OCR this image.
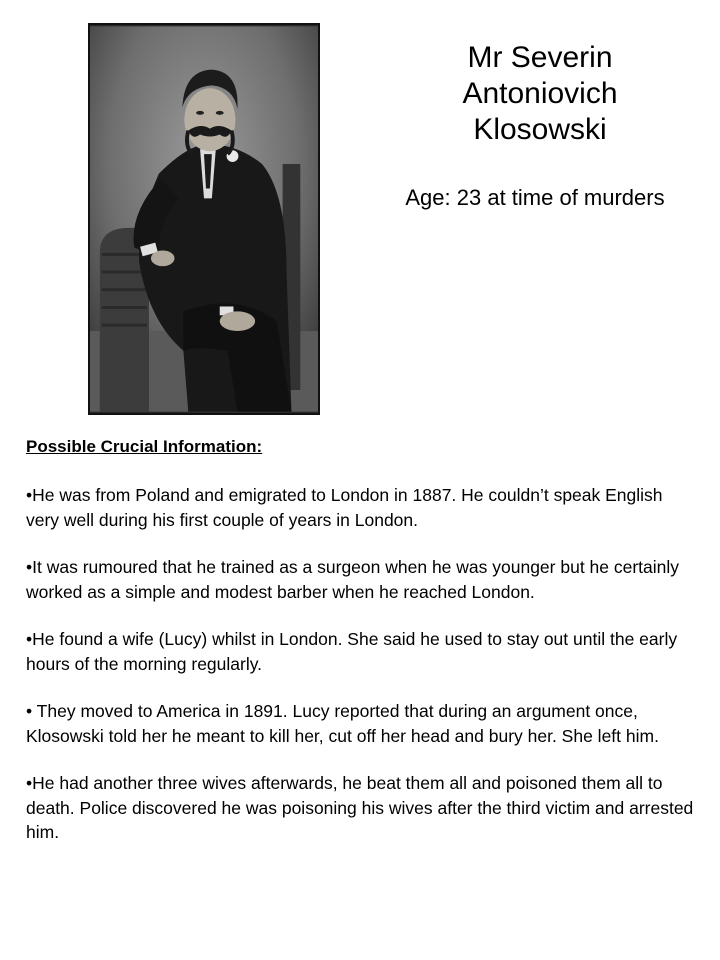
Mr Severin
Antoniovich
Klosowski
Age: 23 at time of murders
Possible Crucial Information:
•He was from Poland and emigrated to London in 1887. He couldn’t speak English very well during his first couple of years in London.
•It was rumoured that he trained as a surgeon when he was younger but he certainly worked as a simple and modest barber when he reached London.
•He found a wife (Lucy) whilst in London. She said he used to stay out until the early hours of the morning regularly.
• They moved to America in 1891. Lucy reported that during an argument once, Klosowski told her he meant to kill her, cut off her head and bury her. She left him.
•He had another three wives afterwards, he beat them all and poisoned them all to death. Police discovered he was poisoning his wives after the third victim and arrested him.
